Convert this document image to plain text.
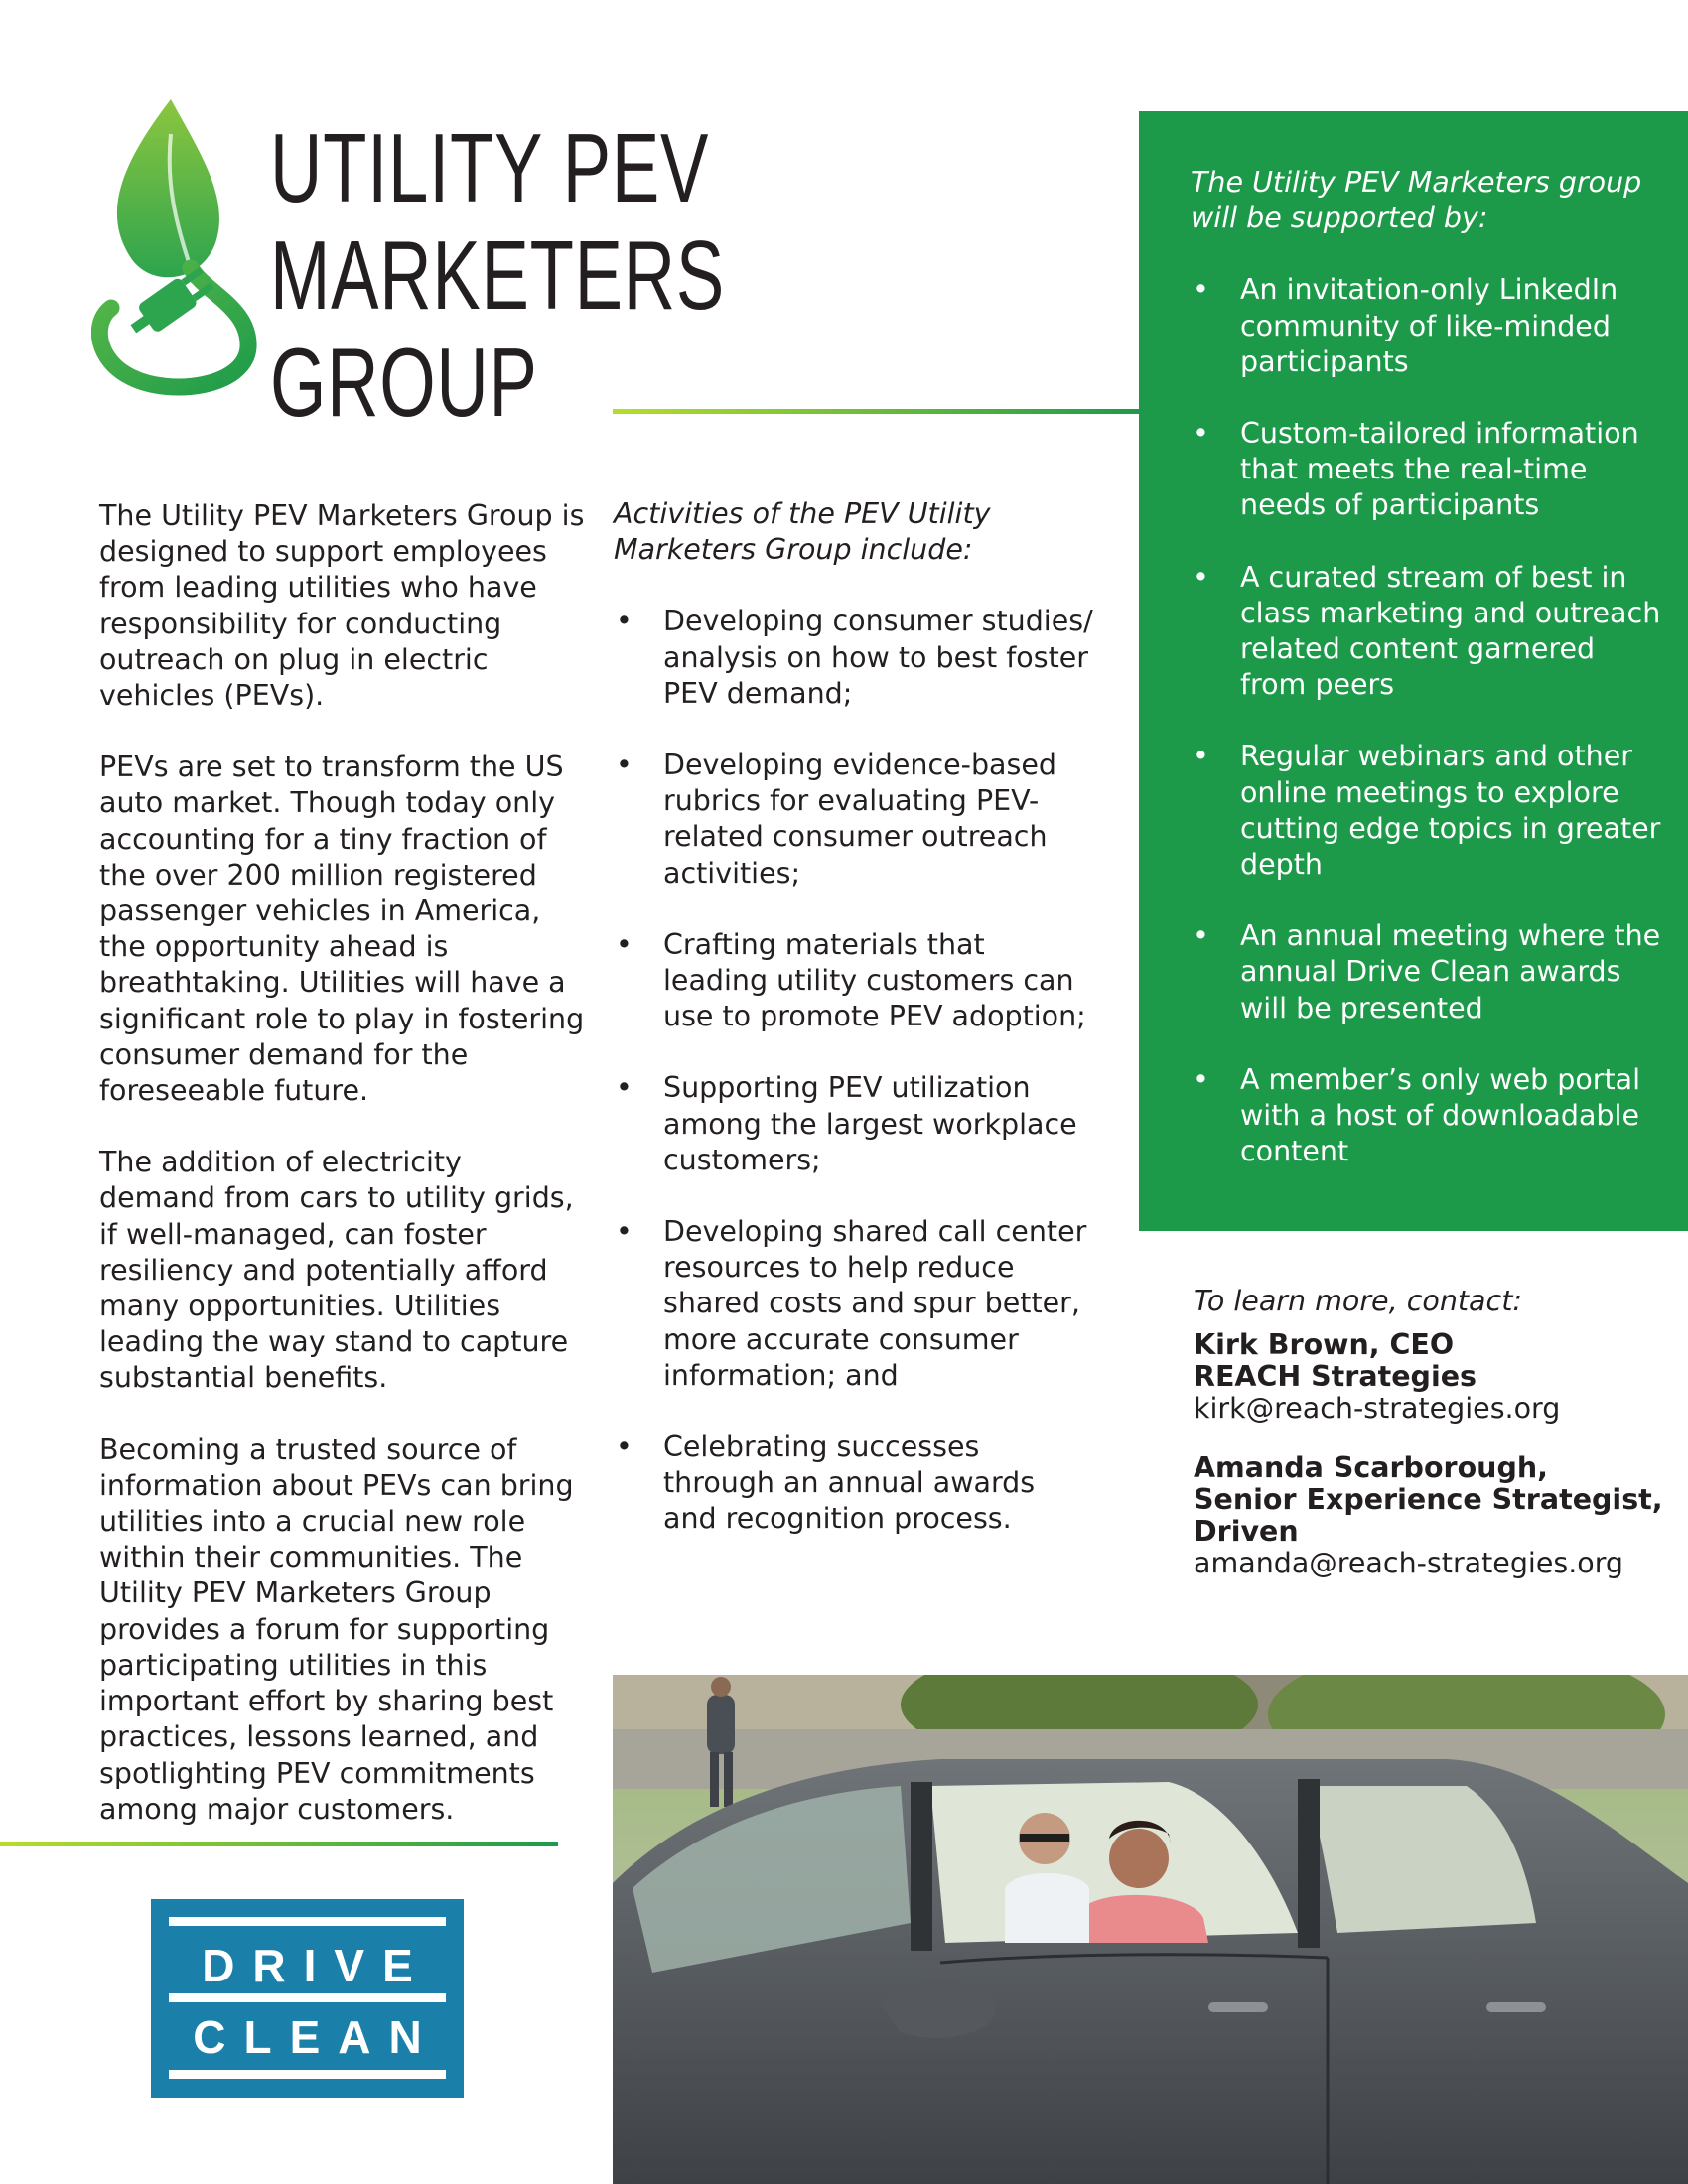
UTILITY PEV
MARKETERS
GROUP

The Utility PEV Marketers Group is designed to support employees from leading utilities who have responsibility for conducting outreach on plug in electric vehicles (PEVs).

PEVs are set to transform the US auto market. Though today only accounting for a tiny fraction of the over 200 million registered passenger vehicles in America, the opportunity ahead is breathtaking. Utilities will have a significant role to play in fostering consumer demand for the foreseeable future.

The addition of electricity demand from cars to utility grids, if well-managed, can foster resiliency and potentially afford many opportunities. Utilities leading the way stand to capture substantial benefits.

Becoming a trusted source of information about PEVs can bring utilities into a crucial new role within their communities. The Utility PEV Marketers Group provides a forum for supporting participating utilities in this important effort by sharing best practices, lessons learned, and spotlighting PEV commitments among major customers.

Activities of the PEV Utility Marketers Group include:

• Developing consumer studies/ analysis on how to best foster PEV demand;
• Developing evidence-based rubrics for evaluating PEV-related consumer outreach activities;
• Crafting materials that leading utility customers can use to promote PEV adoption;
• Supporting PEV utilization among the largest workplace customers;
• Developing shared call center resources to help reduce shared costs and spur better, more accurate consumer information; and
• Celebrating successes through an annual awards and recognition process.

The Utility PEV Marketers group will be supported by:

• An invitation-only LinkedIn community of like-minded participants
• Custom-tailored information that meets the real-time needs of participants
• A curated stream of best in class marketing and outreach related content garnered from peers
• Regular webinars and other online meetings to explore cutting edge topics in greater depth
• An annual meeting where the annual Drive Clean awards will be presented
• A member’s only web portal with a host of downloadable content

To learn more, contact:

Kirk Brown, CEO

REACH Strategies

kirk@reach-strategies.org

Amanda Scarborough,

Senior Experience Strategist,

Driven

amanda@reach-strategies.org

DRIVE
CLEAN
